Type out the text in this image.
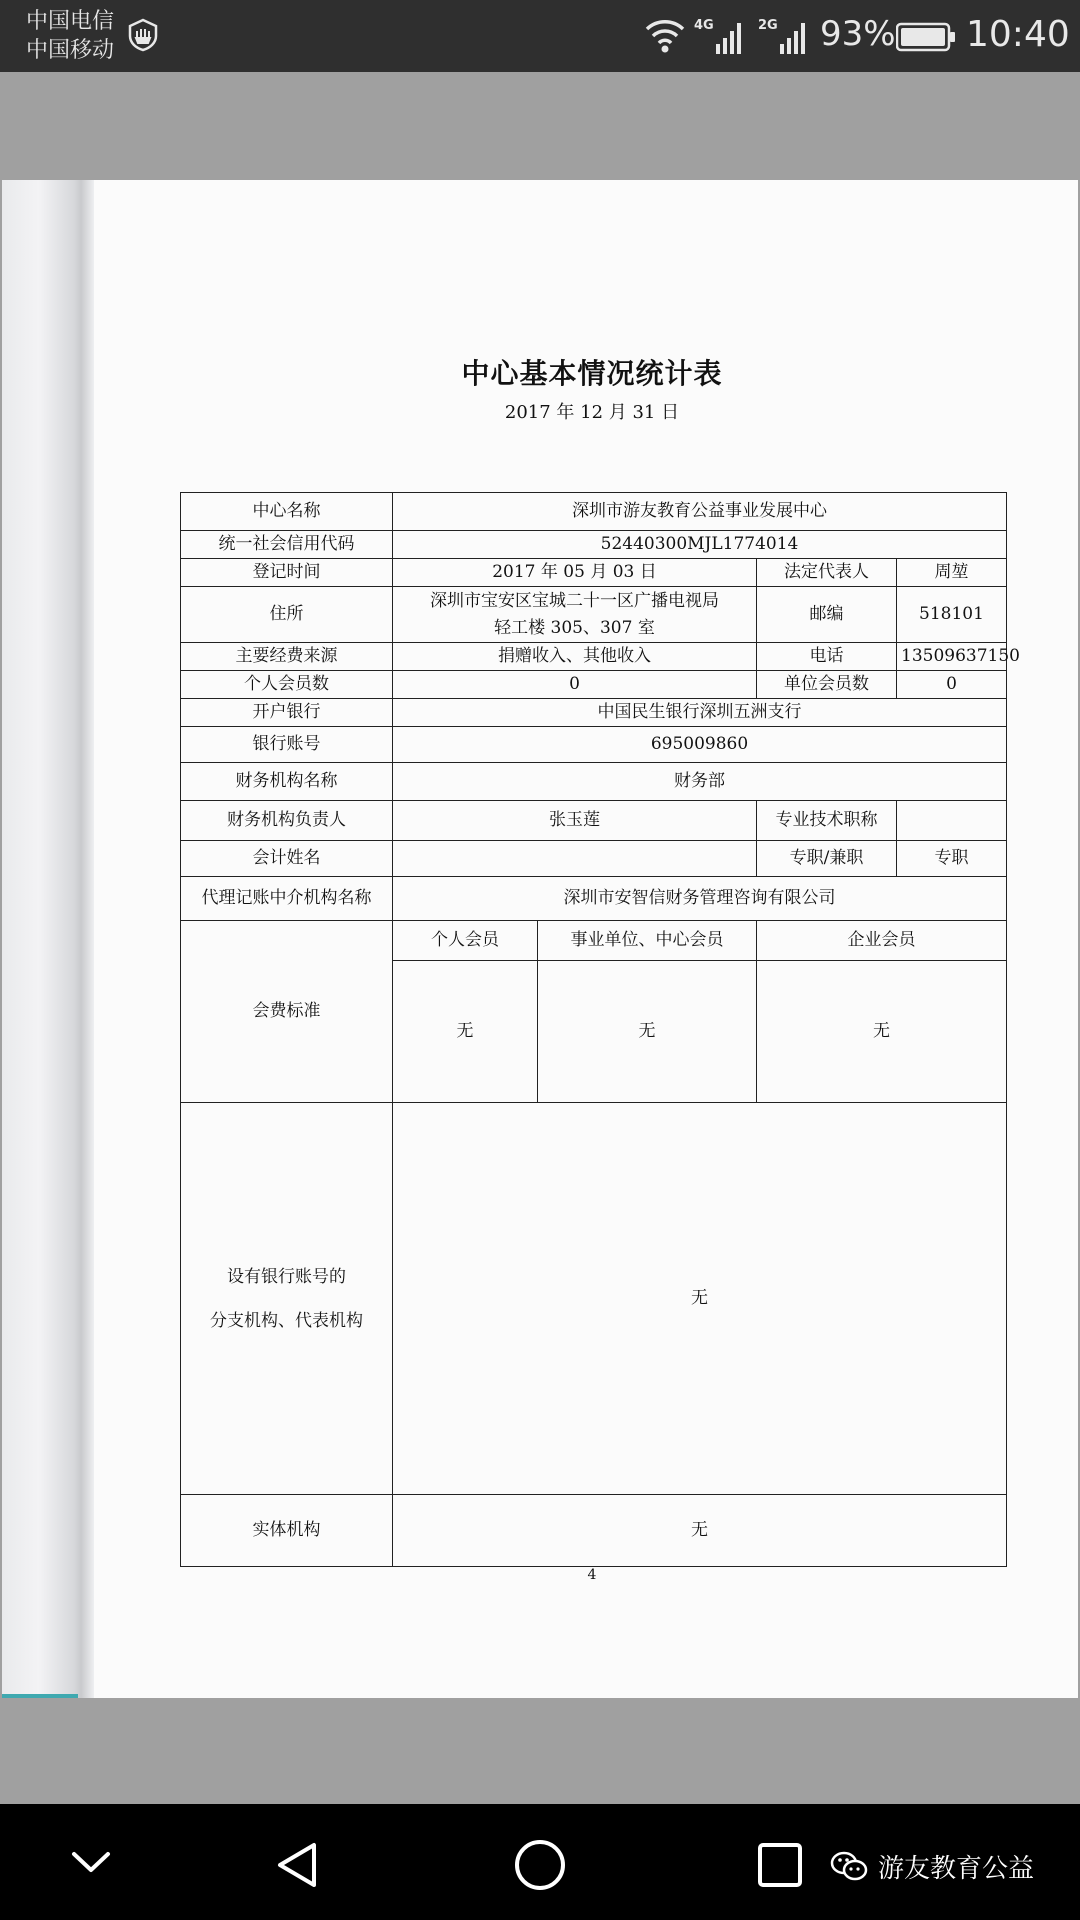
中国电信
中国移动
4G	2G 93% 10:40
中心基本情况统计表
2017 年 12 月 31 日
中心名称	深圳市游友教育公益事业发展中心			
统一社会信用代码	52440300MJL1774014			
登记时间	2017 年 05 月 03 日		法定代表人	周堃
住所	深圳市宝安区宝城二十一区广播电视局
轻工楼 305、307 室		邮编	518101
主要经费来源	捐赠收入、其他收入		电话	13509637150
个人会员数	0		单位会员数	0
开户银行	中国民生银行深圳五洲支行			
银行账号	695009860			
财务机构名称	财务部			
财务机构负责人	张玉莲		专业技术职称	
会计姓名			专职/兼职	专职
代理记账中介机构名称	深圳市安智信财务管理咨询有限公司			
会费标准	个人会员	事业单位、中心会员	企业会员	
	无	无	无	

设有银行账号的
分支机构、代表机构	无			
实体机构	无			
4
游友教育公益
